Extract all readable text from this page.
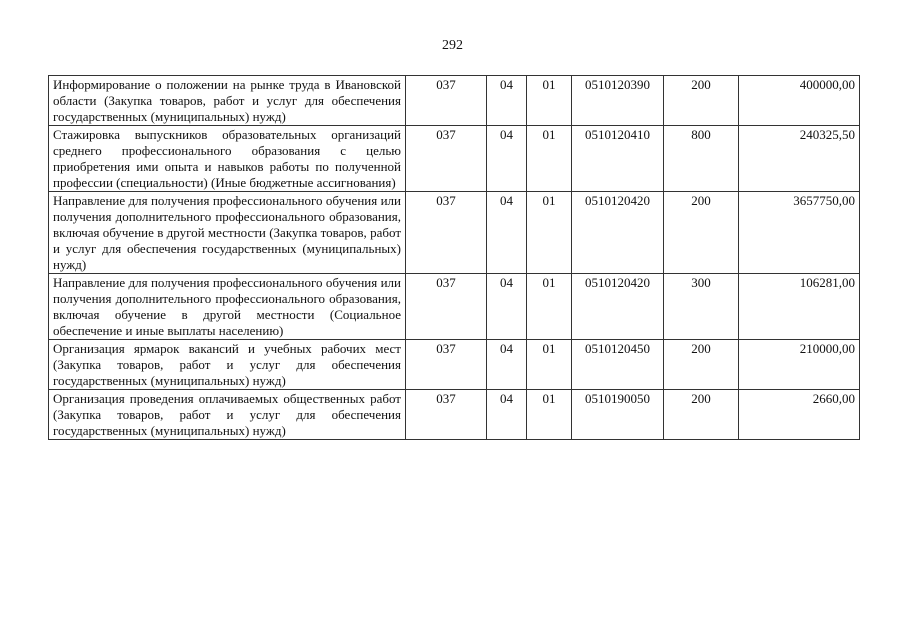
292
Информирование о положении на рынке труда в Ивановской области (Закупка товаров, работ и услуг для обеспечения государственных (муниципальных) нужд)	037	04	01	0510120390	200	400000,00
Стажировка выпускников образовательных организаций среднего профессионального образования с целью приобретения ими опыта и навыков работы по полученной профессии (специальности) (Иные бюджетные ассигнования)	037	04	01	0510120410	800	240325,50
Направление для получения профессионального обучения или получения дополнительного профессионального образования, включая обучение в другой местности (Закупка товаров, работ и услуг для обеспечения государственных (муниципальных) нужд)	037	04	01	0510120420	200	3657750,00
Направление для получения профессионального обучения или получения дополнительного профессионального образования, включая обучение в другой местности (Социальное обеспечение и иные выплаты населению)	037	04	01	0510120420	300	106281,00
Организация ярмарок вакансий и учебных рабочих мест (Закупка товаров, работ и услуг для обеспечения государственных (муниципальных) нужд)	037	04	01	0510120450	200	210000,00
Организация проведения оплачиваемых общественных работ (Закупка товаров, работ и услуг для обеспечения государственных (муниципальных) нужд)	037	04	01	0510190050	200	2660,00
